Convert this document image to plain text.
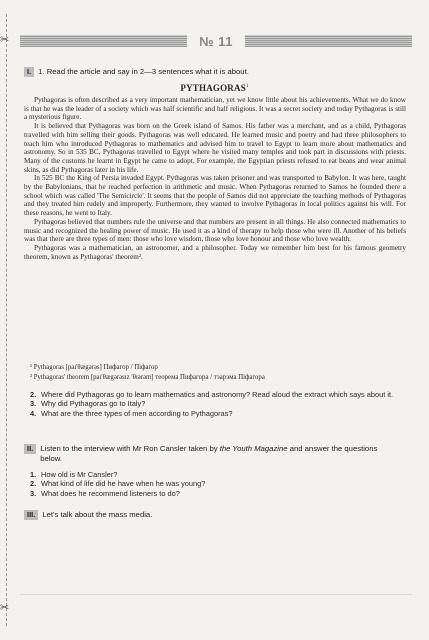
✂
✂
№ 11
I. 1. Read the article and say in 2—3 sentences what it is about.
PYTHAGORAS$^1$

Pythagoras is often described as a very important mathematician, yet we know little about his achievements. What we do know is that he was the leader of a society which was half scientific and half religious. It was a secret society and today Pythagoras is still a mysterious figure.

It is believed that Pythagoras was born on the Greek island of Samos. His father was a merchant, and as a child, Pythagoras travelled with him selling their goods. Pythagoras was well educated. He learned music and poetry and had three philosophers to teach him who introduced Pythagoras to mathematics and advised him to travel to Egypt to learn more about mathematics and astronomy. So in 535 BC, Pythagoras travelled to Egypt where he visited many temples and took part in discussions with priests. Many of the customs he learnt in Egypt he came to adopt. For example, the Egyptian priests refused to eat beans and wear animal skins, as did Pythagoras later in his life.

In 525 BC the King of Persia invaded Egypt. Pythagoras was taken prisoner and was transported to Babylon. It was here, taught by the Babylonians, that he reached perfection in arithmetic and music. When Pythagoras returned to Samos he founded there a school which was called 'The Semicircle'. It seems that the people of Samos did not appreciate the teaching methods of Pythagoras and they treated him rudely and improperly. Furthermore, they wanted to involve Pythagoras in local politics against his will. For these reasons, he went to Italy.

Pythagoras believed that numbers rule the universe and that numbers are present in all things. He also connected mathematics to music and recognized the healing power of music. He used it as a kind of therapy to help those who were ill. Another of his beliefs was that there are three types of men: those who love wisdom, those who love honour and those who love wealth.

Pythagoras was a mathematician, an astronomer, and a philosopher. Today we remember him best for his famous geometry theorem, known as Pythagoras' theorem².

¹ Pythagoras [paɪ'θægərəs] Пифагор / Піфагор
² Pythagoras' theorem [paɪ'θægərəsɪz 'θɪərəm] теорема Пифагора / тэарэма Піфагора
2. Where did Pythagoras go to learn mathematics and astronomy? Read aloud the extract which says about it.
3. Why did Pythagoras go to Italy?
4. What are the three types of men according to Pythagoras?
II. Listen to the interview with Mr Ron Cansler taken by the Youth Magazine and answer the questions below.
1. How old is Mr Cansler?
2. What kind of life did he have when he was young?
3. What does he recommend listeners to do?
III. Let's talk about the mass media.
